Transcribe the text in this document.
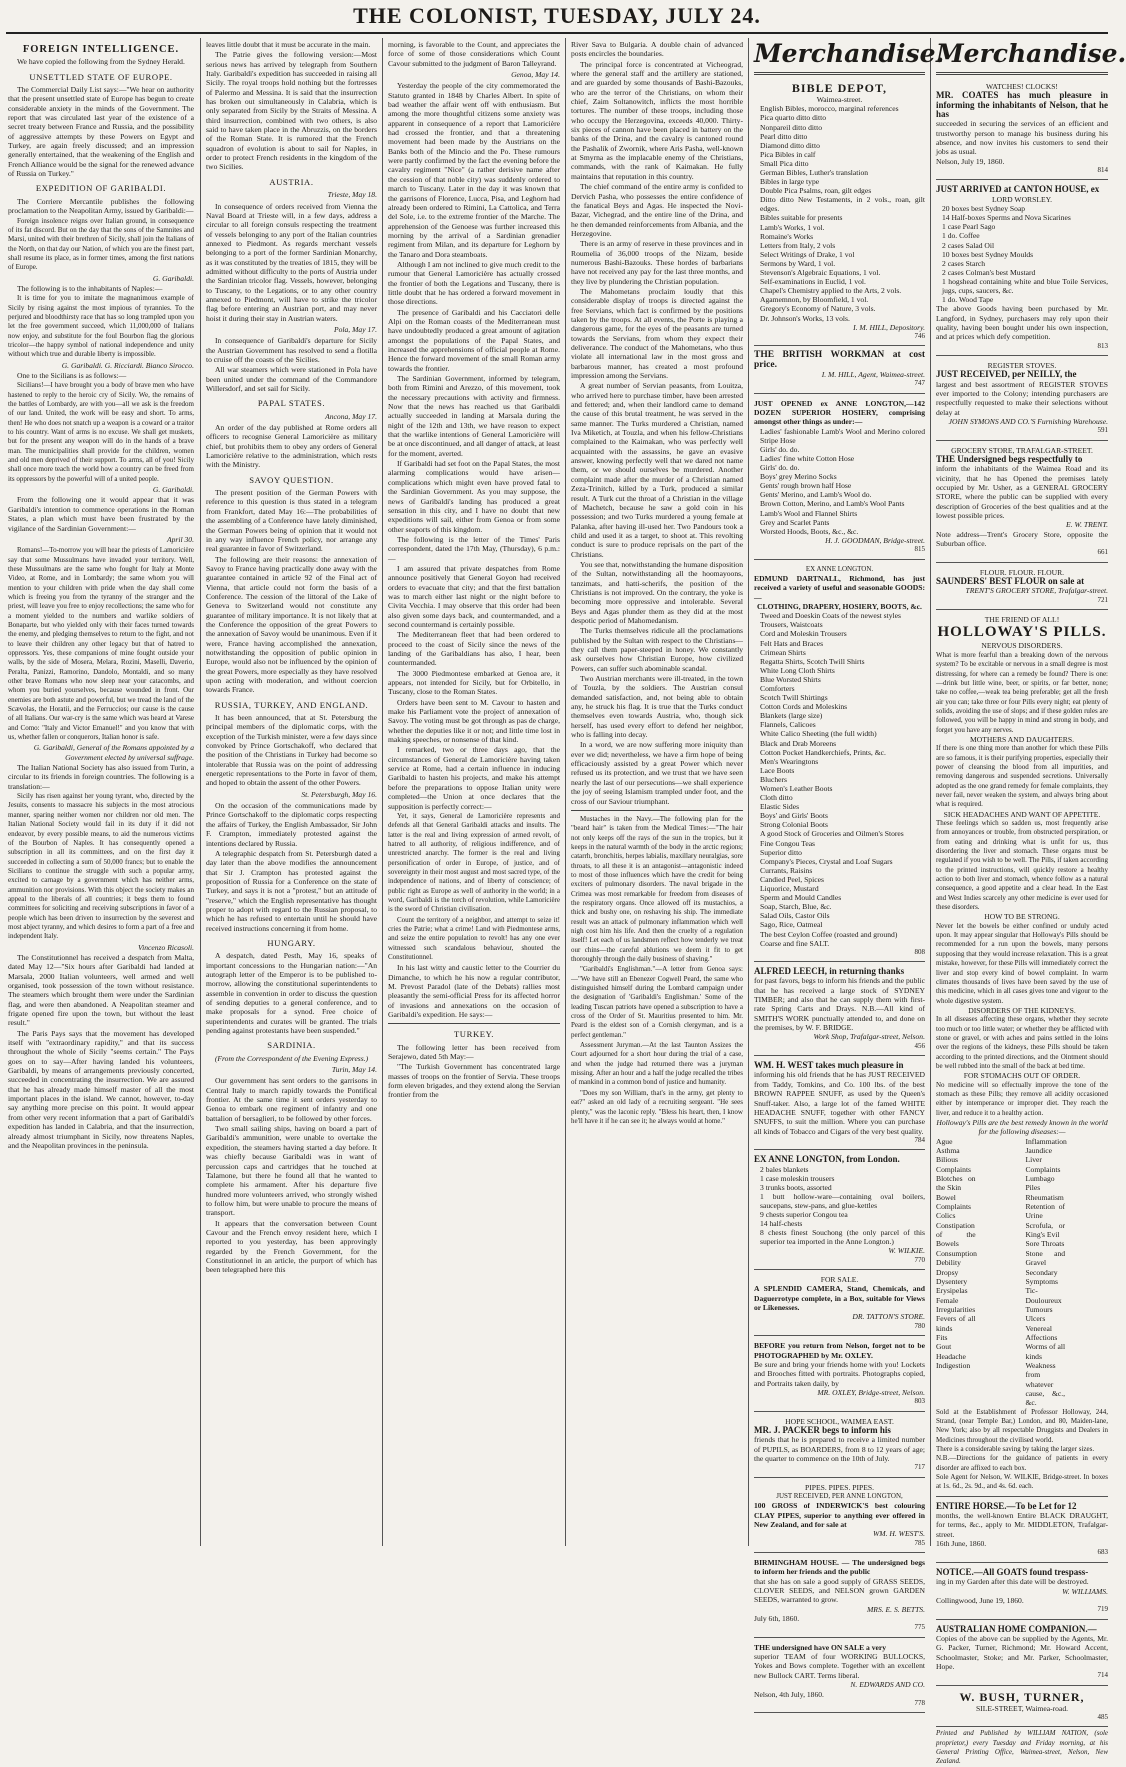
THE COLONIST, TUESDAY, JULY 24.
FOREIGN INTELLIGENCE.

We have copied the following from the Sydney Herald.

UNSETTLED STATE OF EUROPE.

The Commercial Daily List says:—"We hear on authority that the present unsettled state of Europe has begun to create considerable anxiety in the minds of the Government. The report that was circulated last year of the existence of a secret treaty between France and Russia, and the possibility of aggressive attempts by these Powers on Egypt and Turkey, are again freely discussed; and an impression generally entertained, that the weakening of the English and French Alliance would be the signal for the renewed advance of Russia on Turkey."

EXPEDITION OF GARIBALDI.

The Corriere Mercantile publishes the following proclamation to the Neapolitan Army, issued by Garibaldi:—

Foreign insolence reigns over Italian ground, in consequence of its fat discord. But on the day that the sons of the Samnites and Marsi, united with their brethren of Sicily, shall join the Italians of the North, on that day our Nation, of which you are the finest part, shall resume its place, as in former times, among the first nations of Europe.

G. Garibaldi.

The following is to the inhabitants of Naples:—

It is time for you to imitate the magnanimous example of Sicily by rising against the most impious of tyrannies. To the perjured and bloodthirsty race that has so long trampled upon you let the free government succeed, which 11,000,000 of Italians now enjoy, and substitute for the foul Bourbon flag the glorious tricolor—the happy symbol of national independence and unity without which true and durable liberty is impossible.

G. Garibaldi. G. Ricciardi. Bianco Sirocco.

One to the Sicilians is as follows:—

Sicilians!—I have brought you a body of brave men who have hastened to reply to the heroic cry of Sicily. We, the remains of the battles of Lombardy, are with you—all we ask is the freedom of our land. United, the work will be easy and short. To arms, then! He who does not snatch up a weapon is a coward or a traitor to his country. Want of arms is no excuse. We shall get muskets, but for the present any weapon will do in the hands of a brave man. The municipalities shall provide for the children, women and old men deprived of their support. To arms, all of you! Sicily shall once more teach the world how a country can be freed from its oppressors by the powerful will of a united people.

G. Garibaldi.

From the following one it would appear that it was Garibaldi's intention to commence operations in the Roman States, a plan which must have been frustrated by the vigilance of the Sardinian Government:—

April 30.

Romans!—To-morrow you will hear the priests of Lamoricière say that some Mussulmans have invaded your territory. Well, these Mussulmans are the same who fought for Italy at Monte Video, at Rome, and in Lombardy; the same whom you will mention to your children with pride when the day shall come which is freeing you from the tyranny of the stranger and the priest, will leave you free to enjoy recollections; the same who for a moment yielded to the numbers and warlike soldiers of Bonaparte, but who yielded only with their faces turned towards the enemy, and pledging themselves to return to the fight, and not to leave their children any other legacy but that of hatred to oppressors. Yes, these companions of mine fought outside your walls, by the side of Mosera, Melara, Rozini, Maselli, Daverio, Peralta, Panizzi, Ramorino, Dandolo, Montaldi, and so many other brave Romans who now sleep near your catacombs, and whom you buried yourselves, because wounded in front. Our enemies are both astute and powerful, but we tread the land of the Scævolas, the Horatii, and the Ferruccios; our cause is the cause of all Italians. Our war-cry is the same which was heard at Varese and Como: "Italy and Victor Emanuel!" and you know that with us, whether fallen or conquerors, Italian honor is safe.

G. Garibaldi, General of the Romans appointed by a Government elected by universal suffrage.

The Italian National Society has also issued from Turin, a circular to its friends in foreign countries. The following is a translation:—

Sicily has risen against her young tyrant, who, directed by the Jesuits, consents to massacre his subjects in the most atrocious manner, sparing neither women nor children nor old men. The Italian National Society would fail in its duty if it did not endeavor, by every possible means, to aid the numerous victims of the Bourbon of Naples. It has consequently opened a subscription in all its committees, and on the first day it succeeded in collecting a sum of 50,000 francs; but to enable the Sicilians to continue the struggle with such a popular army, excited to carnage by a government which has neither arms, ammunition nor provisions. With this object the society makes an appeal to the liberals of all countries; it begs them to found committees for soliciting and receiving subscriptions in favor of a people which has been driven to insurrection by the severest and most abject tyranny, and which desires to form a part of a free and independent Italy.

Vincenzo Ricasoli.

The Constitutionnel has received a despatch from Malta, dated May 12—"Six hours after Garibaldi had landed at Marsala, 2000 Italian volunteers, well armed and well organised, took possession of the town without resistance. The steamers which brought them were under the Sardinian flag, and were then abandoned. A Neapolitan steamer and frigate opened fire upon the town, but without the least result."

The Paris Pays says that the movement has developed itself with "extraordinary rapidity," and that its success throughout the whole of Sicily "seems certain." The Pays goes on to say—After having landed his volunteers, Garibaldi, by means of arrangements previously concerted, succeeded in concentrating the insurrection. We are assured that he has already made himself master of all the most important places in the island. We cannot, however, to-day say anything more precise on this point. It would appear from other very recent information that a part of Garibaldi's expedition has landed in Calabria, and that the insurrection, already almost triumphant in Sicily, now threatens Naples, and the Neapolitan provinces in the peninsula.

leaves little doubt that it must be accurate in the main.

The Patrie gives the following version:—Most serious news has arrived by telegraph from Southern Italy. Garibaldi's expedition has succeeded in raising all Sicily. The royal troops hold nothing but the fortresses of Palermo and Messina. It is said that the insurrection has broken out simultaneously in Calabria, which is only separated from Sicily by the Straits of Messina. A third insurrection, combined with two others, is also said to have taken place in the Abruzzis, on the borders of the Roman State. It is rumored that the French squadron of evolution is about to sail for Naples, in order to protect French residents in the kingdom of the two Sicilies.

AUSTRIA.
Trieste, May 18.

In consequence of orders received from Vienna the Naval Board at Trieste will, in a few days, address a circular to all foreign consuls respecting the treatment of vessels belonging to any port of the Italian countries annexed to Piedmont. As regards merchant vessels belonging to a port of the former Sardinian Monarchy, as it was constituted by the treaties of 1815, they will be admitted without difficulty to the ports of Austria under the Sardinian tricolor flag. Vessels, however, belonging to Tuscany, to the Legations, or to any other country annexed to Piedmont, will have to strike the tricolor flag before entering an Austrian port, and may never hoist it during their stay in Austrian waters.

Pola, May 17.

In consequence of Garibaldi's departure for Sicily the Austrian Government has resolved to send a flotilla to cruise off the coasts of the Sicilies.

All war steamers which were stationed in Pola have been united under the command of the Commandore Willersdorf, and set sail for Sicily.

PAPAL STATES.
Ancona, May 17.

An order of the day published at Rome orders all officers to recognise General Lamoricière as military chief, but prohibits them to obey any orders of General Lamoricière relative to the administration, which rests with the Ministry.

SAVOY QUESTION.

The present position of the German Powers with reference to this question is thus stated in a telegram from Frankfort, dated May 16:—The probabilities of the assembling of a Conference have lately diminished, the German Powers being of opinion that it would not in any way influence French policy, nor arrange any real guarantee in favor of Switzerland.

The following are their reasons: the annexation of Savoy to France having practically done away with the guarantee contained in article 92 of the Final act of Vienna, that article could not form the basis of a Conference. The cession of the littoral of the Lake of Geneva to Switzerland would not constitute any guarantee of military importance. It is not likely that at the Conference the opposition of the great Powers to the annexation of Savoy would be unanimous. Even if it were, France having accomplished the annexation, notwithstanding the opposition of public opinion in Europe, would also not be influenced by the opinion of the great Powers, more especially as they have resolved upon acting with moderation, and without coercion towards France.

RUSSIA, TURKEY, AND ENGLAND.

It has been announced, that at St. Petersburg the principal members of the diplomatic corps, with the exception of the Turkish minister, were a few days since convoked by Prince Gortschakoff, who declared that the position of the Christians in Turkey had become so intolerable that Russia was on the point of addressing energetic representations to the Porte in favor of them, and hoped to obtain the assent of the other Powers.

St. Petersburgh, May 16.

On the occasion of the communications made by Prince Gortschakoff to the diplomatic corps respecting the affairs of Turkey, the English Ambassador, Sir John F. Crampton, immediately protested against the intentions declared by Russia.

A telegraphic despatch from St. Petersburgh dated a day later than the above modifies the announcement that Sir J. Crampton has protested against the proposition of Russia for a Conference on the state of Turkey, and says it is not a "protest," but an attitude of "reserve," which the English representative has thought proper to adopt with regard to the Russian proposal, to which he has refused to entertain until he should have received instructions concerning it from home.

HUNGARY.

A despatch, dated Pesth, May 16, speaks of important concessions to the Hungarian nation:—"An autograph letter of the Emperor is to be published to-morrow, allowing the constitutional superintendents to assemble in convention in order to discuss the question of sending deputies to a general conference, and to make proposals for a synod. Free choice of superintendents and curates will be granted. The trials pending against protestants have been suspended."

SARDINIA.

(From the Correspondent of the Evening Express.)

Turin, May 14.

Our government has sent orders to the garrisons in Central Italy to march rapidly towards the Pontifical frontier. At the same time it sent orders yesterday to Genoa to embark one regiment of infantry and one battalion of bersaglieri, to be followed by other forces.

Two small sailing ships, having on board a part of Garibaldi's ammunition, were unable to overtake the expedition, the steamers having started a day before. It was chiefly because Garibaldi was in want of percussion caps and cartridges that he touched at Talamone, but there he found all that he wanted to complete his armament. After his departure five hundred more volunteers arrived, who strongly wished to follow him, but were unable to procure the means of transport.

It appears that the conversation between Count Cavour and the French envoy resident here, which I reported to you yesterday, has been approvingly regarded by the French Government, for the Constitutionnel in an article, the purport of which has been telegraphed here this

morning, is favorable to the Count, and appreciates the force of some of those considerations which Count Cavour submitted to the judgment of Baron Talleyrand.

Genoa, May 14.

Yesterday the people of the city commemorated the Statuto granted in 1848 by Charles Albert. In spite of bad weather the affair went off with enthusiasm. But among the more thoughtful citizens some anxiety was apparent in consequence of a report that Lamoricière had crossed the frontier, and that a threatening movement had been made by the Austrians on the Banks both of the Mincio and the Po. These rumours were partly confirmed by the fact the evening before the cavalry regiment "Nice" (a rather derisive name after the cession of that noble city) was suddenly ordered to march to Tuscany. Later in the day it was known that the garrisons of Florence, Lucca, Pisa, and Leghorn had already been ordered to Rimini, La Cattolica, and Terra del Sole, i.e. to the extreme frontier of the Marche. The apprehension of the Genoese was further increased this morning by the arrival of a Sardinian grenadier regiment from Milan, and its departure for Leghorn by the Tanaro and Dora steamboats.

Although I am not inclined to give much credit to the rumour that General Lamoricière has actually crossed the frontier of both the Legations and Tuscany, there is little doubt that he has ordered a forward movement in those directions.

The presence of Garibaldi and his Cacciatori delle Alpi on the Roman coasts of the Mediterranean must have undoubtedly produced a great amount of agitation amongst the populations of the Papal States, and increased the apprehensions of official people at Rome. Hence the forward movement of the small Roman army towards the frontier.

The Sardinian Government, informed by telegram, both from Rimini and Arezzo, of this movement, took the necessary precautions with activity and firmness. Now that the news has reached us that Garibaldi actually succeeded in landing at Marsala during the night of the 12th and 13th, we have reason to expect that the warlike intentions of General Lamoricière will be at once discontinued, and all danger of attack, at least for the moment, averted.

If Garibaldi had set foot on the Papal States, the most alarming complications would have arisen—complications which might even have proved fatal to the Sardinian Government. As you may suppose, the news of Garibaldi's landing has produced a great sensation in this city, and I have no doubt that new expeditions will sail, either from Genoa or from some other seaports of this kingdom.

The following is the letter of the Times' Paris correspondent, dated the 17th May, (Thursday), 6 p.m.:—

I am assured that private despatches from Rome announce positively that General Goyon had received orders to evacuate that city; and that the first battalion was to march either last night or the night before to Civita Vecchia. I may observe that this order had been also given some days back, and countermanded, and a second countermand is certainly possible.

The Mediterranean fleet that had been ordered to proceed to the coast of Sicily since the news of the landing of the Garibaldians has also, I hear, been countermanded.

The 3000 Piedmontese embarked at Genoa are, it appears, not intended for Sicily, but for Orbitello, in Tuscany, close to the Roman States.

Orders have been sent to M. Cavour to hasten and make his Parliament vote the project of annexation of Savoy. The voting must be got through as pas de charge, whether the deputies like it or not; and little time lost in making speeches, or nonsense of that kind.

I remarked, two or three days ago, that the circumstances of General de Lamoricière having taken service at Rome, had a certain influence in inducing Garibaldi to hasten his projects, and make his attempt before the preparations to oppose Italian unity were completed—the Union at once declares that the supposition is perfectly correct:—

Yet, it says, General de Lamoricière represents and defends all that General Garibaldi attacks and insults. The latter is the real and living expression of armed revolt, of hatred to all authority, of religious indifference, and of unrestricted anarchy. The former is the real and living personification of order in Europe, of justice, and of sovereignty in their most august and most sacred type, of the independence of nations, and of liberty of conscience; of public right as Europe as well of authority in the world; in a word, Garibaldi is the torch of revolution, while Lamoricière is the sword of Christian civilisation.

Count the territory of a neighbor, and attempt to seize it! cries the Patrie; what a crime! Land with Piedmontese arms, and seize the entire population to revolt! has any one ever witnessed such scandalous behaviour, shouted the Constitutionnel.

In his last witty and caustic letter to the Courrier du Dimanche, to which he his now a regular contributor, M. Prevost Paradol (late of the Debats) rallies most pleasantly the semi-official Press for its affected horror of invasions and annexations on the occasion of Garibaldi's expedition. He says:—

TURKEY.

The following letter has been received from Serajewo, dated 5th May:—

"The Turkish Government has concentrated large masses of troops on the frontier of Servia. These troops form eleven brigades, and they extend along the Servian frontier from the

River Sava to Bulgaria. A double chain of advanced posts encircles the boundaries.

The principal force is concentrated at Vicheograd, where the general staff and the artillery are stationed, and are guarded by some thousands of Bashi-Bazouks, who are the terror of the Christians, on whom their chief, Zaim Soltanowitch, inflicts the most horrible tortures. The number of these troops, including those who occupy the Herzegovina, exceeds 40,000. Thirty-six pieces of cannon have been placed in battery on the banks of the Drina, and the cavalry is cantoned round the Pashalik of Zwornik, where Aris Pasha, well-known at Smyrna as the implacable enemy of the Christians, commands, with the rank of Kaimakan. He fully maintains that reputation in this country.

The chief command of the entire army is confided to Dervich Pasha, who possesses the entire confidence of the fanatical Beys and Agas. He inspected the Novi-Bazar, Vichegrad, and the entire line of the Drina, and he then demanded reinforcements from Albania, and the Herzegovine.

There is an army of reserve in these provinces and in Roumelia of 36,000 troops of the Nizam, beside numerous Bashi-Bazouks. These hordes of barbarians have not received any pay for the last three months, and they live by plundering the Christian population.

The Mahometans proclaim loudly that this considerable display of troops is directed against the free Servians, which fact is confirmed by the positions taken by the troops. At all events, the Porte is playing a dangerous game, for the eyes of the peasants are turned towards the Servians, from whom they expect their deliverance. The conduct of the Mahometans, who thus violate all international law in the most gross and barbarous manner, has created a most profound impression among the Servians.

A great number of Servian peasants, from Louitza, who arrived here to purchase timber, have been arrested and fettered; and, when their landlord came to demand the cause of this brutal treatment, he was served in the same manner. The Turks murdered a Christian, named Iva Miketich, at Touzla, and when his fellow-Christians complained to the Kaimakan, who was perfectly well acquainted with the assassins, he gave an evasive answer, knowing perfectly well that we dared not name them, or we should ourselves be murdered. Another complaint made after the murder of a Christian named Zeza-Trinitch, killed by a Turk, produced a similar result. A Turk cut the throat of a Christian in the village of Machetch, because he saw a gold coin in his possession; and two Turks murdered a young female at Palanka, after having ill-used her. Two Pandours took a child and used it as a target, to shoot at. This revolting conduct is sure to produce reprisals on the part of the Christians.

You see that, notwithstanding the humane disposition of the Sultan, notwithstanding all the hoomayoons, tanzimats, and hatti-scherifs, the position of the Christians is not improved. On the contrary, the yoke is becoming more oppressive and intolerable. Several Beys and Agas plunder them as they did at the most despotic period of Mahomedanism.

The Turks themselves ridicule all the proclamations published by the Sultan with respect to the Christians—they call them paper-steeped in honey. We constantly ask ourselves how Christian Europe, how civilized Powers, can suffer such abominable scandal.

Two Austrian merchants were ill-treated, in the town of Touzla, by the soldiers. The Austrian consul demanded satisfaction, and, not being able to obtain any, he struck his flag. It is true that the Turks conduct themselves even towards Austria, who, though sick herself, has used every effort to defend her neighbor, who is falling into decay.

In a word, we are now suffering more iniquity than ever we did; nevertheless, we have a firm hope of being efficaciously assisted by a great Power which never refused us its protection, and we trust that we have seen nearly the last of our persecutions—we shall experience the joy of seeing Islamism trampled under foot, and the cross of our Saviour triumphant.

Mustaches in the Navy.—The following plan for the "beard hair" is taken from the Medical Times:—"The hair not only keeps off the rays of the sun in the tropics, but it keeps in the natural warmth of the body in the arctic regions; catarrh, bronchitis, herpes labialis, maxillary neuralgias, sore throats, to all these it is an antagonist—antagonistic indeed to most of those influences which have the credit for being exciters of pulmonary disorders. The naval brigade in the Crimea was most remarkable for freedom from diseases of the respiratory organs. Once allowed off its mustachios, a thick and bushy one, on reshaving his ship. The immediate result was an attack of pulmonary inflammation which well nigh cost him his life. And then the cruelty of a regulation itself! Let each of us landsmen reflect how tenderly we treat our chins—the careful ablutions we deem it fit to get thoroughly through the daily business of shaving."

"Garibaldi's Englishman."—A letter from Genoa says:—"We have still an Ebenezer Cogwell Peard, the same who distinguished himself during the Lombard campaign under the designation of 'Garibaldi's Englishman.' Some of the leading Tuscan patriots have opened a subscription to have a cross of the Order of St. Mauritius presented to him. Mr. Peard is the eldest son of a Cornish clergyman, and is a perfect gentleman."

Assessment Juryman.—At the last Taunton Assizes the Court adjourned for a short hour during the trial of a case, and when the judge had returned there was a juryman missing. After an hour and a half the judge recalled the tribes of mankind in a common bond of justice and humanity.

"Does my son William, that's in the army, get plenty to eat?" asked an old lady of a recruiting sergeant. "He sees plenty," was the laconic reply. "Bless his heart, then, I know he'll have it if he can see it; he always would at home."

Merchandise.
BIBLE DEPOT,

Waimea-street.

English Bibles, morocco, marginal references
Pica quarto ditto ditto
Nonpareil ditto ditto
Pearl ditto ditto
Diamond ditto ditto
Pica Bibles in calf
Small Pica ditto
German Bibles, Luther's translation
Bibles in large type
Double Pica Psalms, roan, gilt edges
Ditto ditto New Testaments, in 2 vols., roan, gilt edges.
Bibles suitable for presents
Lamb's Works, 1 vol.
Romaine's Works
Letters from Italy, 2 vols
Select Writings of Drake, 1 vol
Sermons by Ward, 1 vol.
Stevenson's Algebraic Equations, 1 vol.
Self-examinations in Euclid, 1 vol.
Chapel's Chemistry applied to the Arts, 2 vols.
Agamemnon, by Bloomfield, 1 vol.
Gregory's Economy of Nature, 3 vols.
Dr. Johnson's Works, 13 vols.

I. M. HILL, Depository.

746

THE BRITISH WORKMAN at cost price.

I. M. HILL, Agent, Waimea-street.

747

JUST OPENED ex ANNE LONGTON,—142 DOZEN SUPERIOR HOSIERY, comprising amongst other things as under:—

Ladies' fashionable Lamb's Wool and Merino colored Stripe Hose
Girls' do. do.
Ladies' fine white Cotton Hose
Girls' do. do.
Boys' grey Merino Socks
Gents' rough brown half Hose
Gents' Merino, and Lamb's Wool do.
Brown Cotton, Merino, and Lamb's Wool Pants
Lamb's Wool and Flannel Shirts
Grey and Scarlet Pants
Worsted Hoods, Boots, &c., &c.

H. J. GOODMAN, Bridge-street.

815

EX ANNE LONGTON.

EDMUND DARTNALL, Richmond, has just received a variety of useful and seasonable GOODS:—

CLOTHING, DRAPERY, HOSIERY, BOOTS, &c.

Tweed and Doeskin Coats of the newest styles
Trousers, Waistcoats
Cord and Moleskin Trousers
Felt Hats and Braces
Crimean Shirts
Regatta Shirts, Scotch Twill Shirts
White Long Cloth Shirts
Blue Worsted Shirts
Comforters
Scotch Twill Shirtings
Cotton Cords and Moleskins
Blankets (large size)
Flannels, Calicoes
White Calico Sheeting (the full width)
Black and Drab Moreens
Cotton Pocket Handkerchiefs, Prints, &c.
Men's Wearingtons
Lace Boots
Bluchers
Women's Leather Boots
Cloth ditto
Elastic Sides
Boys' and Girls' Boots
Strong Colonial Boots
A good Stock of Groceries and Oilmen's Stores
Fine Congou Teas
Superior ditto
Company's Pieces, Crystal and Loaf Sugars
Currants, Raisins
Candied Peel, Spices
Liquorice, Mustard
Sperm and Mould Candles
Soap, Starch, Blue, &c.
Salad Oils, Castor Oils
Sago, Rice, Oatmeal
The best Ceylon Coffee (roasted and ground)
Coarse and fine SALT.
808

ALFRED LEECH, in returning thanks

for past favors, begs to inform his friends and the public that he has received a large stock of SYDNEY TIMBER; and also that he can supply them with first-rate Spring Carts and Drays. N.B.—All kind of SMITH'S WORK punctually attended to, and done on the premises, by W. F. BRIDGE.

Work Shop, Trafalgar-street, Nelson.

456

WM. H. WEST takes much pleasure in

informing his old friends that he has JUST RECEIVED from Taddy, Tomkins, and Co. 100 lbs. of the best BROWN RAPPEE SNUFF, as used by the Queen's Snuff-taker. Also, a large lot of the famed WHITE HEADACHE SNUFF, together with other FANCY SNUFFS, to suit the million. Where you can purchase all kinds of Tobacco and Cigars of the very best quality.

784

EX ANNE LONGTON, from London.

2 bales blankets
1 case moleskin trousers
3 trunks boots, assorted
1 butt hollow-ware—containing oval boilers, saucepans, stew-pans, and glue-kettles
9 chests superior Congou tea
14 half-chests
8 chests finest Souchong (the only parcel of this superior tea imported in the Anne Longton.)

W. WILKIE.

770

FOR SALE.

A SPLENDID CAMERA, Stand, Chemicals, and Daguerrotype complete, in a Box, suitable for Views or Likenesses.

DR. TATTON'S STORE.

780

BEFORE you return from Nelson, forget not to be PHOTOGRAPHED by Mr. OXLEY.

Be sure and bring your friends home with you! Lockets and Brooches fitted with portraits. Photographs copied, and Portraits taken daily, by

MR. OXLEY, Bridge-street, Nelson.

803

HOPE SCHOOL, WAIMEA EAST.

MR. J. PACKER begs to inform his

friends that he is prepared to receive a limited number of PUPILS, as BOARDERS, from 8 to 12 years of age; the quarter to commence on the 10th of July.

717

PIPES. PIPES. PIPES.

JUST RECEIVED, PER ANNE LONGTON,

100 GROSS of INDERWICK'S best colouring CLAY PIPES, superior to anything ever offered in New Zealand, and for sale at

WM. H. WEST'S.

785

BIRMINGHAM HOUSE. — The undersigned begs to inform her friends and the public

that she has on sale a good supply of GRASS SEEDS, CLOVER SEEDS, and NELSON grown GARDEN SEEDS, warranted to grow.

MRS. E. S. BETTS.

July 6th, 1860.

775

THE undersigned have ON SALE a very

superior TEAM of four WORKING BULLOCKS, Yokes and Bows complete. Together with an excellent new Bullock CART. Terms liberal.

N. EDWARDS AND CO.

Nelson, 4th July, 1860.

778
Merchandise.

WATCHES! CLOCKS!

MR. COATES has much pleasure in informing the inhabitants of Nelson, that he has

succeeded in securing the services of an efficient and trustworthy person to manage his business during his absence, and now invites his customers to send their jobs as usual.

Nelson, July 19, 1860.

814

JUST ARRIVED at CANTON HOUSE, ex

LORD WORSLEY.

20 boxes best Sydney Soap
14 Half-boxes Sperms and Nova Sicarines
1 case Pearl Sago
1 do. Coffee
2 cases Salad Oil
10 boxes best Sydney Moulds
2 cases Starch
2 cases Colman's best Mustard
1 hogshead containing white and blue Toile Services, jugs, cups, saucers, &c.
1 do. Wood Tape

The above Goods having been purchased by Mr. Langford, in Sydney, purchasers may rely upon their quality, having been bought under his own inspection, and at prices which defy competition.

813

REGISTER STOVES.

JUST RECEIVED, per NEILLY, the

largest and best assortment of REGISTER STOVES ever imported to the Colony; intending purchasers are respectfully requested to make their selections without delay at

JOHN SYMONS AND CO.'S Furnishing Warehouse.

591

GROCERY STORE, TRAFALGAR-STREET.

THE Undersigned begs respectfully to

inform the inhabitants of the Waimea Road and its vicinity, that he has Opened the premises lately occupied by Mr. Usher, as a GENERAL GROCERY STORE, where the public can be supplied with every description of Groceries of the best qualities and at the lowest possible prices.

E. W. TRENT.

Note address—Trent's Grocery Store, opposite the Suburban office.

661

FLOUR. FLOUR. FLOUR.

SAUNDERS' BEST FLOUR on sale at

TRENT'S GROCERY STORE, Trafalgar-street.

721

THE FRIEND OF ALL!

HOLLOWAY'S PILLS.

NERVOUS DISORDERS.

What is more fearful than a breaking down of the nervous system? To be excitable or nervous in a small degree is most distressing, for where can a remedy be found? There is one:—drink but little wine, beer, or spirits, or far better, none; take no coffee,—weak tea being preferable; get all the fresh air you can; take three or four Pills every night; eat plenty of solids, avoiding the use of slops; and if these golden rules are followed, you will be happy in mind and strong in body, and forget you have any nerves.

MOTHERS AND DAUGHTERS.

If there is one thing more than another for which these Pills are so famous, it is their purifying properties, especially their power of cleansing the blood from all impurities, and removing dangerous and suspended secretions. Universally adopted as the one grand remedy for female complaints, they never fail, never weaken the system, and always bring about what is required.

SICK HEADACHES AND WANT OF APPETITE.

These feelings which so sadden us, most frequently arise from annoyances or trouble, from obstructed perspiration, or from eating and drinking what is unfit for us, thus disordering the liver and stomach. These organs must be regulated if you wish to be well. The Pills, if taken according to the printed instructions, will quickly restore a healthy action to both liver and stomach, whence follow as a natural consequence, a good appetite and a clear head. In the East and West Indies scarcely any other medicine is ever used for these disorders.

HOW TO BE STRONG.

Never let the bowels be either confined or unduly acted upon. It may appear singular that Holloway's Pills should be recommended for a run upon the bowels, many persons supposing that they would increase relaxation. This is a great mistake, however, for these Pills will immediately correct the liver and stop every kind of bowel complaint. In warm climates thousands of lives have been saved by the use of this medicine, which in all cases gives tone and vigour to the whole digestive system.

DISORDERS OF THE KIDNEYS.

In all diseases affecting these organs, whether they secrete too much or too little water; or whether they be afflicted with stone or gravel, or with aches and pains settled in the loins over the regions of the kidneys, these Pills should be taken according to the printed directions, and the Ointment should be well rubbed into the small of the back at bed time.

FOR STOMACHS OUT OF ORDER.

No medicine will so effectually improve the tone of the stomach as these Pills; they remove all acidity occasioned either by intemperance or improper diet. They reach the liver, and reduce it to a healthy action.

Holloway's Pills are the best remedy known in the world for the following diseases:—

Ague
Asthma
Bilious Complaints
Blotches on the Skin
Bowel Complaints
Colics
Constipation of the Bowels
Consumption
Debility
Dropsy
Dysentery
Erysipelas
Female Irregularities
Fevers of all kinds
Fits
Gout
Headache
Indigestion
Inflammation
Jaundice
Liver Complaints
Lumbago
Piles
Rheumatism
Retention of Urine
Scrofula, or King's Evil
Sore Throats
Stone and Gravel
Secondary Symptoms
Tic-Douloureux
Tumours
Ulcers
Venereal Affections
Worms of all kinds
Weakness from whatever cause, &c., &c.

Sold at the Establishment of Professor Holloway, 244, Strand, (near Temple Bar,) London, and 80, Maiden-lane, New York; also by all respectable Druggists and Dealers in Medicines throughout the civilised world.

There is a considerable saving by taking the larger sizes.

N.B.—Directions for the guidance of patients in every disorder are affixed to each box.

Sole Agent for Nelson, W. WILKIE, Bridge-street. In boxes at 1s. 6d., 2s. 9d., and 4s. 6d. each.

ENTIRE HORSE.—To be Let for 12

months, the well-known Entire BLACK DRAUGHT, for terms, &c., apply to Mr. MIDDLETON, Trafalgar-street.

16th June, 1860.

683

NOTICE.—All GOATS found trespass-

ing in my Garden after this date will be destroyed.

W. WILLIAMS.

Collingwood, June 19, 1860.

719

AUSTRALIAN HOME COMPANION.—

Copies of the above can be supplied by the Agents, Mr. G. Packer, Turner, Richmond; Mr. Howard Accent, Schoolmaster, Stoke; and Mr. Parker, Schoolmaster, Hope.

714
W. BUSH, TURNER,

SILE-STREET, Waimea-road.

485

Printed and Published by WILLIAM NATION, (sole proprietor,) every Tuesday and Friday morning, at his General Printing Office, Waimea-street, Nelson, New Zealand.
